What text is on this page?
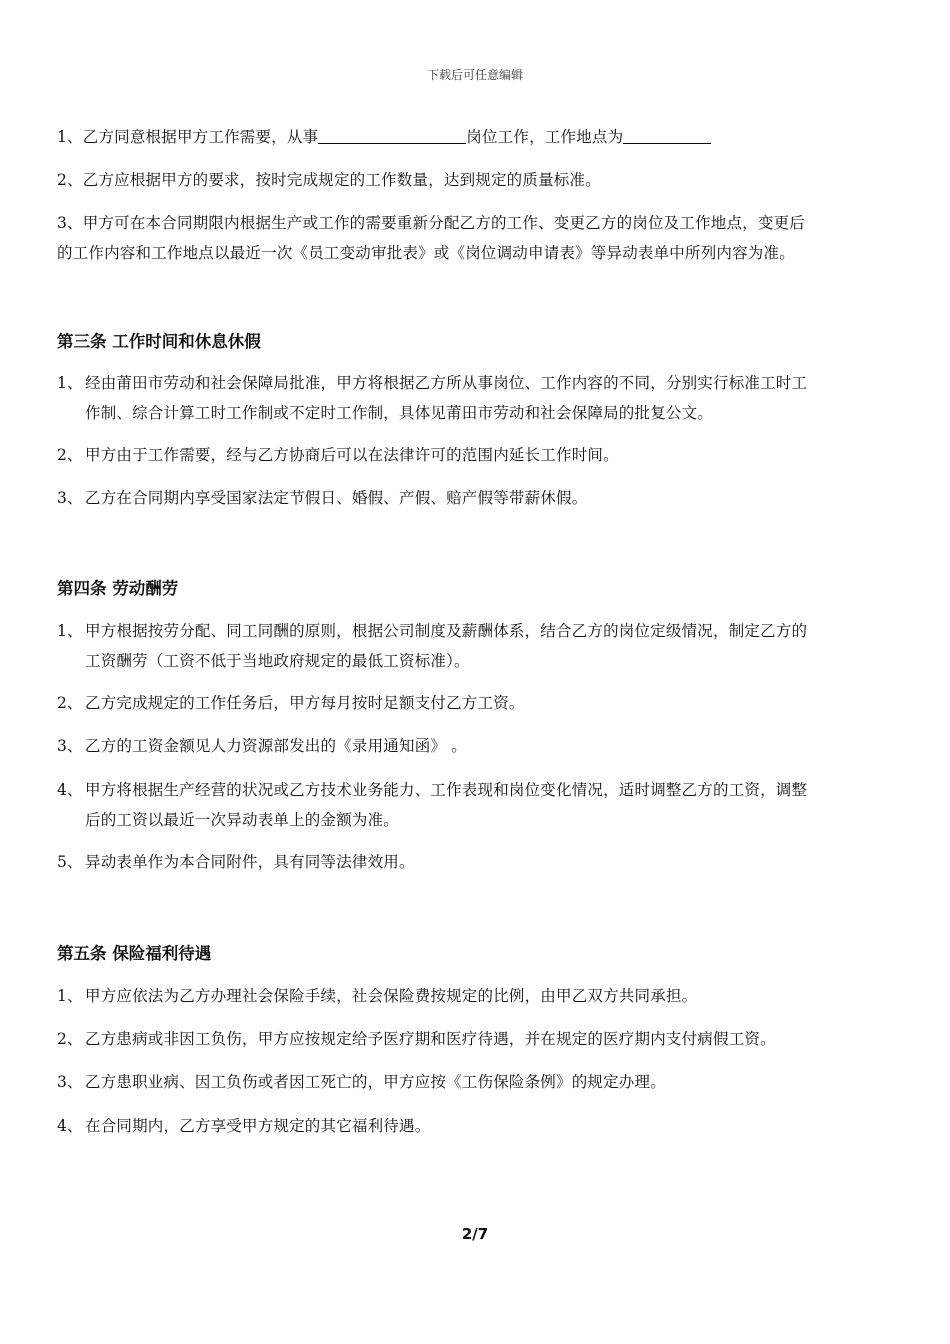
下载后可任意编辑
1、乙方同意根据甲方工作需要，从事	岗位工作，工作地点为
2、乙方应根据甲方的要求，按时完成规定的工作数量，达到规定的质量标准。
3、甲方可在本合同期限内根据生产或工作的需要重新分配乙方的工作、变更乙方的岗位及工作地点，变更后
的工作内容和工作地点以最近一次《员工变动审批表》或《岗位调动申请表》等异动表单中所列内容为准。
第三条 工作时间和休息休假
1、 经由莆田市劳动和社会保障局批准，甲方将根据乙方所从事岗位、工作内容的不同，分别实行标准工时工
作制、综合计算工时工作制或不定时工作制，具体见莆田市劳动和社会保障局的批复公文。
2、 甲方由于工作需要，经与乙方协商后可以在法律许可的范围内延长工作时间。
3、 乙方在合同期内享受国家法定节假日、婚假、产假、赔产假等带薪休假。
第四条 劳动酬劳
1、 甲方根据按劳分配、同工同酬的原则，根据公司制度及薪酬体系，结合乙方的岗位定级情况，制定乙方的
工资酬劳（工资不低于当地政府规定的最低工资标准）。
2、 乙方完成规定的工作任务后，甲方每月按时足额支付乙方工资。
3、 乙方的工资金额见人力资源部发出的《录用通知函》 。
4、 甲方将根据生产经营的状况或乙方技术业务能力、工作表现和岗位变化情况，适时调整乙方的工资，调整
后的工资以最近一次异动表单上的金额为准。
5、 异动表单作为本合同附件，具有同等法律效用。
第五条 保险福利待遇
1、 甲方应依法为乙方办理社会保险手续，社会保险费按规定的比例，由甲乙双方共同承担。
2、 乙方患病或非因工负伤，甲方应按规定给予医疗期和医疗待遇，并在规定的医疗期内支付病假工资。
3、 乙方患职业病、因工负伤或者因工死亡的，甲方应按《工伤保险条例》的规定办理。
4、 在合同期内，乙方享受甲方规定的其它福利待遇。
2/7
